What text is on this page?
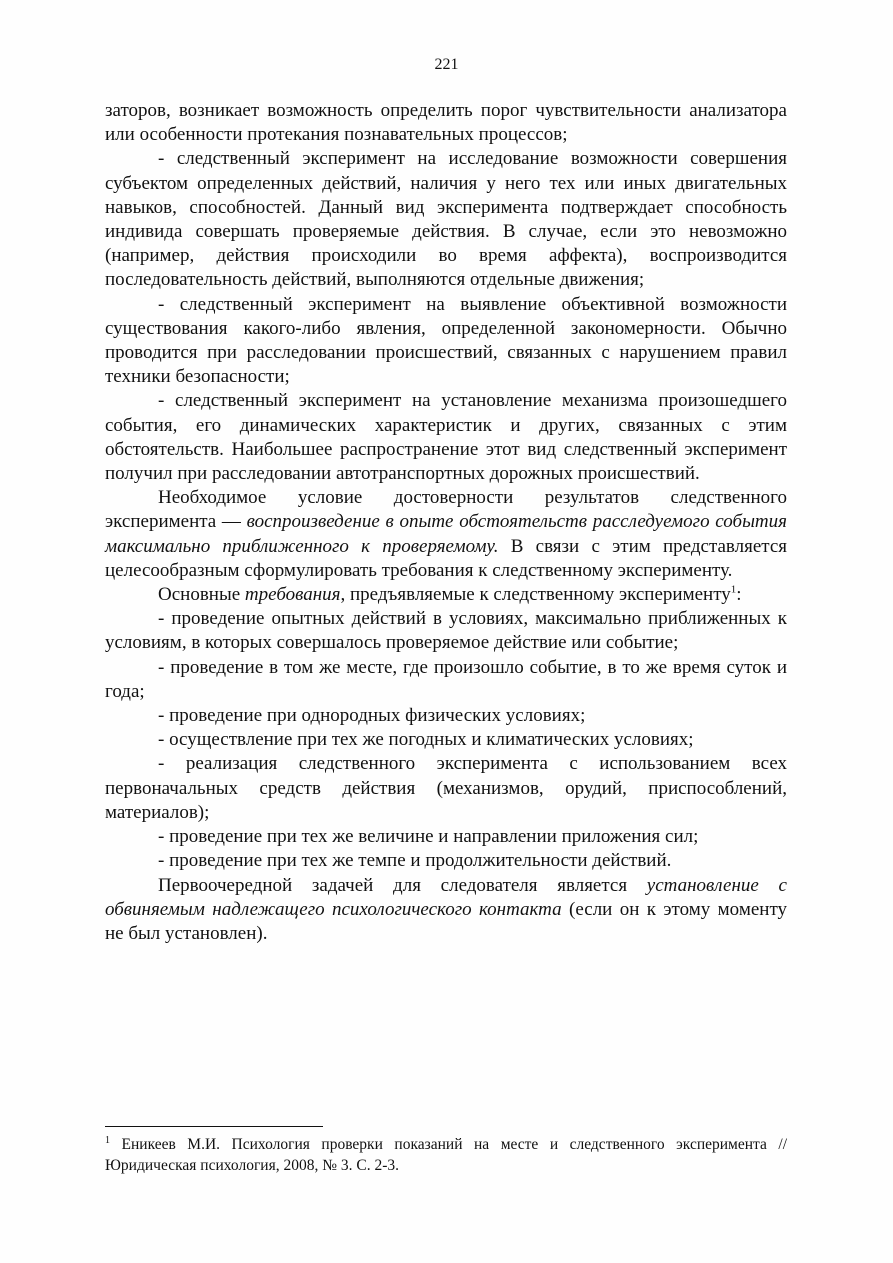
221

заторов, возникает возможность определить порог чувствительности анализатора или особенности протекания познавательных процессов;

- следственный эксперимент на исследование возможности совершения субъектом определенных действий, наличия у него тех или иных двигательных навыков, способностей. Данный вид эксперимента подтверждает способность индивида совершать проверяемые действия. В случае, если это невозможно (например, действия происходили во время аффекта), воспроизводится последовательность действий, выполняются отдельные движения;

- следственный эксперимент на выявление объективной возможности существования какого-либо явления, определенной закономерности. Обычно проводится при расследовании происшествий, связанных с нарушением правил техники безопасности;

- следственный эксперимент на установление механизма произошедшего события, его динамических характеристик и других, связанных с этим обстоятельств. Наибольшее распространение этот вид следственный эксперимент получил при расследовании автотранспортных дорожных происшествий.

Необходимое условие достоверности результатов следственного эксперимента — воспроизведение в опыте обстоятельств расследуемого события максимально приближенного к проверяемому. В связи с этим представляется целесообразным сформулировать требования к следственному эксперименту.

Основные требования, предъявляемые к следственному эксперименту$^1$:

- проведение опытных действий в условиях, максимально приближенных к условиям, в которых совершалось проверяемое действие или событие;

- проведение в том же месте, где произошло событие, в то же время суток и года;

- проведение при однородных физических условиях;

- осуществление при тех же погодных и климатических условиях;

- реализация следственного эксперимента с использованием всех первоначальных средств действия (механизмов, орудий, приспособлений, материалов);

- проведение при тех же величине и направлении приложения сил;

- проведение при тех же темпе и продолжительности действий.

Первоочередной задачей для следователя является установление с обвиняемым надлежащего психологического контакта (если он к этому моменту не был установлен).

$^1$ Еникеев М.И. Психология проверки показаний на месте и следственного эксперимента // Юридическая психология, 2008, № 3. С. 2-3.
